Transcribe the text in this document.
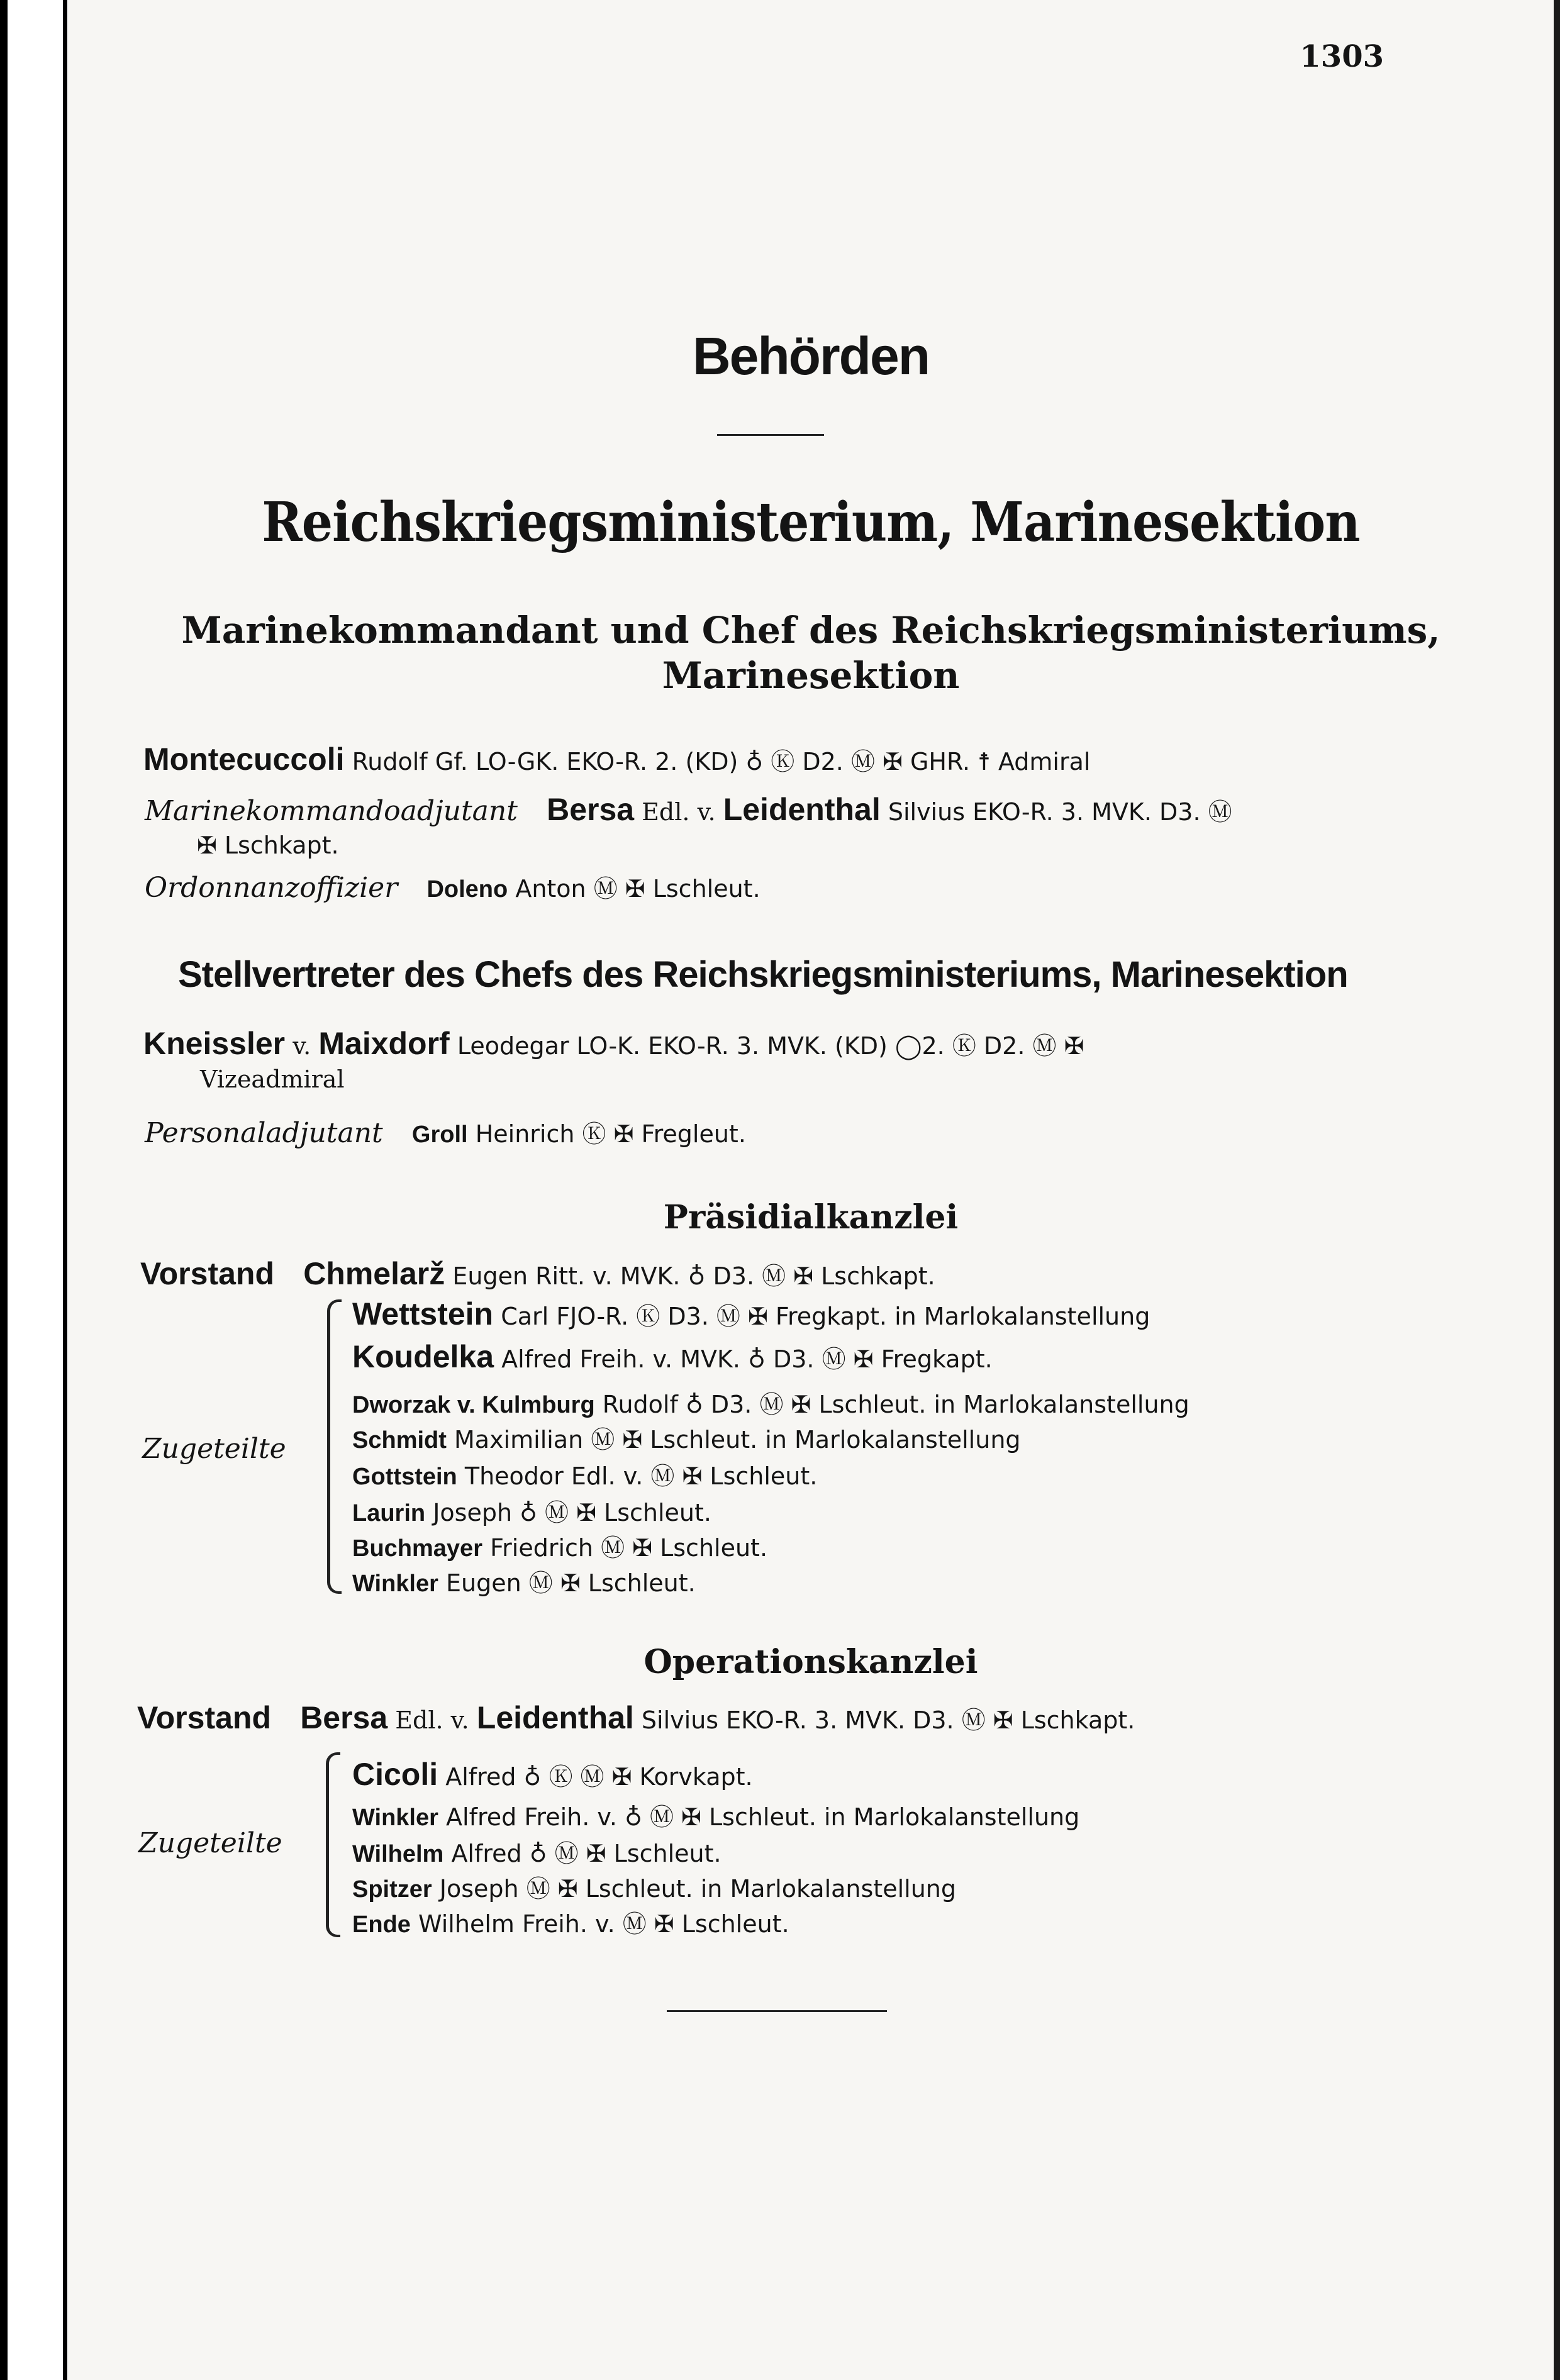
1303
Behörden
Reichskriegsministerium, Marinesektion
Marinekommandant und Chef des Reichskriegsministeriums,
Marinesektion
Montecuccoli Rudolf Gf. LO-GK. EKO-R. 2. (KD) ♁ Ⓚ D2. Ⓜ ✠ GHR. ☨ Admiral
Marinekommandoadjutant Bersa Edl. v. Leidenthal Silvius EKO-R. 3. MVK. D3. Ⓜ
✠ Lschkapt.
Ordonnanzoffizier Doleno Anton Ⓜ ✠ Lschleut.
Stellvertreter des Chefs des Reichskriegsministeriums, Marinesektion
Kneissler v. Maixdorf Leodegar LO-K. EKO-R. 3. MVK. (KD) ◯2. Ⓚ D2. Ⓜ ✠
Vizeadmiral
Personaladjutant Groll Heinrich Ⓚ ✠ Fregleut.
Präsidialkanzlei
Vorstand Chmelarž Eugen Ritt. v. MVK. ♁ D3. Ⓜ ✠ Lschkapt.
Zugeteilte
Wettstein Carl FJO-R. Ⓚ D3. Ⓜ ✠ Fregkapt. in Marlokalanstellung
Koudelka Alfred Freih. v. MVK. ♁ D3. Ⓜ ✠ Fregkapt.
Dworzak v. Kulmburg Rudolf ♁ D3. Ⓜ ✠ Lschleut. in Marlokalanstellung
Schmidt Maximilian Ⓜ ✠ Lschleut. in Marlokalanstellung
Gottstein Theodor Edl. v. Ⓜ ✠ Lschleut.
Laurin Joseph ♁ Ⓜ ✠ Lschleut.
Buchmayer Friedrich Ⓜ ✠ Lschleut.
Winkler Eugen Ⓜ ✠ Lschleut.
Operationskanzlei
Vorstand Bersa Edl. v. Leidenthal Silvius EKO-R. 3. MVK. D3. Ⓜ ✠ Lschkapt.
Zugeteilte
Cicoli Alfred ♁ Ⓚ Ⓜ ✠ Korvkapt.
Winkler Alfred Freih. v. ♁ Ⓜ ✠ Lschleut. in Marlokalanstellung
Wilhelm Alfred ♁ Ⓜ ✠ Lschleut.
Spitzer Joseph Ⓜ ✠ Lschleut. in Marlokalanstellung
Ende Wilhelm Freih. v. Ⓜ ✠ Lschleut.
